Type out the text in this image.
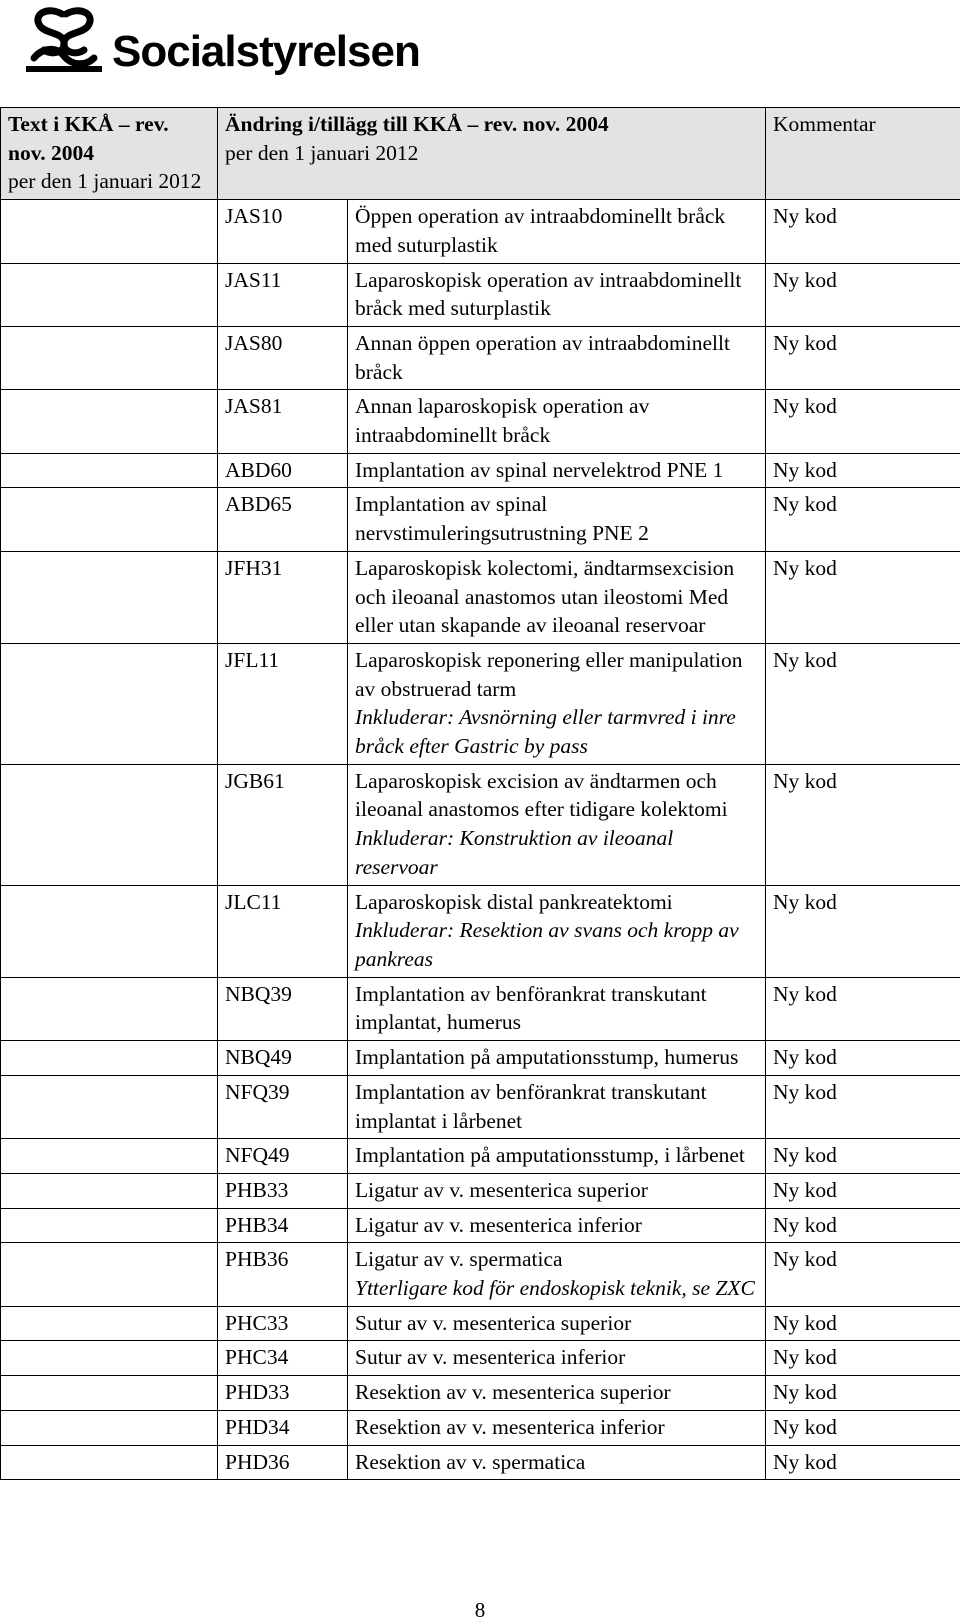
Socialstyrelsen
Text i KKÅ – rev. nov. 2004
per den 1 januari 2012	Ändring i/tillägg till KKÅ – rev. nov. 2004
per den 1 januari 2012		Kommentar
	JAS10	Öppen operation av intraabdominellt bråck med suturplastik	Ny kod
	JAS11	Laparoskopisk operation av intraabdominellt bråck med suturplastik	Ny kod
	JAS80	Annan öppen operation av intraabdominellt bråck	Ny kod
	JAS81	Annan laparoskopisk operation av intraabdominellt bråck	Ny kod
	ABD60	Implantation av spinal nervelektrod PNE 1	Ny kod
	ABD65	Implantation av spinal nervstimuleringsutrustning PNE 2	Ny kod
	JFH31	Laparoskopisk kolectomi, ändtarmsexcision och ileoanal anastomos utan ileostomi Med eller utan skapande av ileoanal reservoar	Ny kod
	JFL11	Laparoskopisk reponering eller manipulation av obstruerad tarm
Inkluderar: Avsnörning eller tarmvred i inre bråck efter Gastric by pass	Ny kod
	JGB61	Laparoskopisk excision av ändtarmen och ileoanal anastomos efter tidigare kolektomi
Inkluderar: Konstruktion av ileoanal reservoar	Ny kod
	JLC11	Laparoskopisk distal pankreatektomi
Inkluderar: Resektion av svans och kropp av pankreas	Ny kod
	NBQ39	Implantation av benförankrat transkutant implantat, humerus	Ny kod
	NBQ49	Implantation på amputationsstump, humerus	Ny kod
	NFQ39	Implantation av benförankrat transkutant implantat i lårbenet	Ny kod
	NFQ49	Implantation på amputationsstump, i lårbenet	Ny kod
	PHB33	Ligatur av v. mesenterica superior	Ny kod
	PHB34	Ligatur av v. mesenterica inferior	Ny kod
	PHB36	Ligatur av v. spermatica
Ytterligare kod för endoskopisk teknik, se ZXC	Ny kod
	PHC33	Sutur av v. mesenterica superior	Ny kod
	PHC34	Sutur av v. mesenterica inferior	Ny kod
	PHD33	Resektion av v. mesenterica superior	Ny kod
	PHD34	Resektion av v. mesenterica inferior	Ny kod
	PHD36	Resektion av v. spermatica	Ny kod
8
